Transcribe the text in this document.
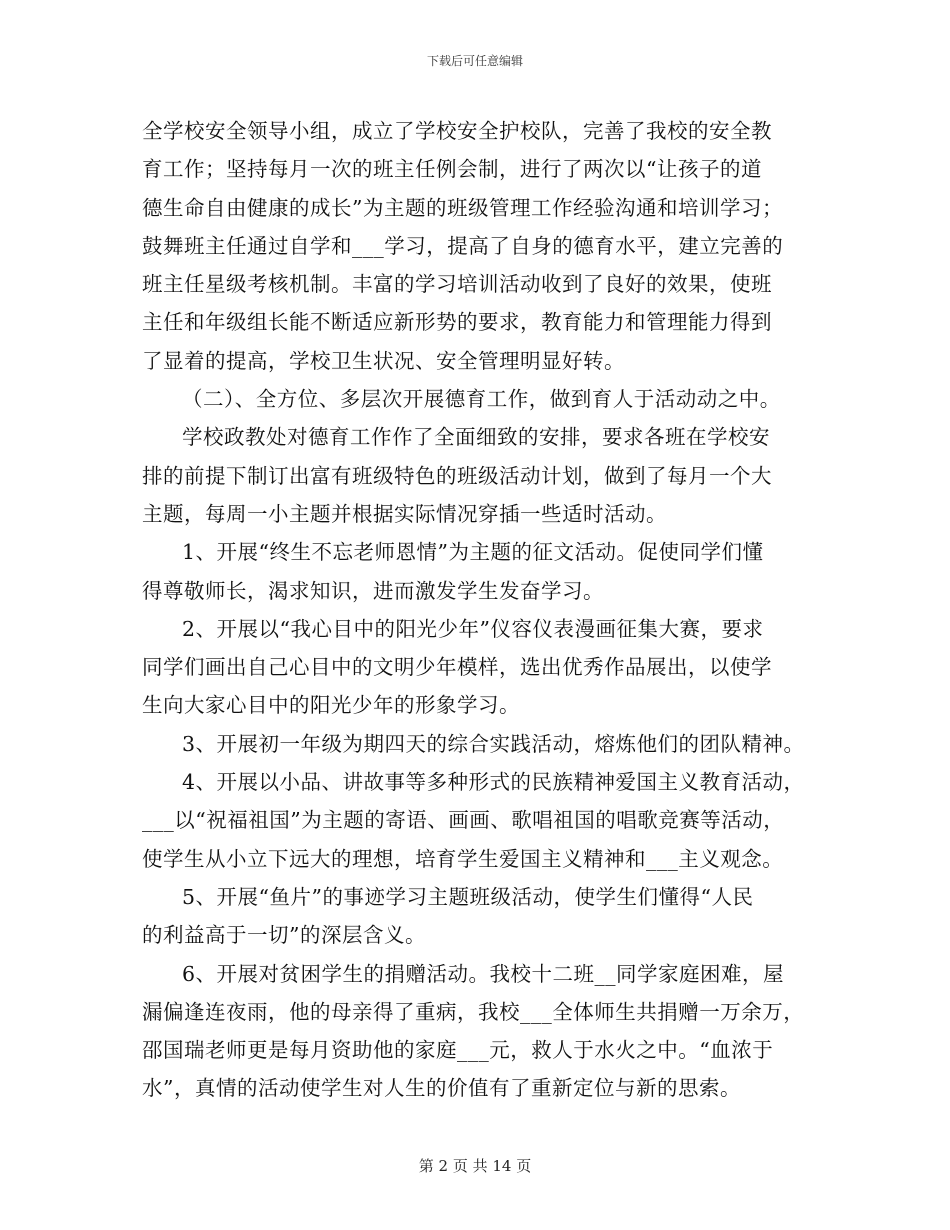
下载后可任意编辑
全学校安全领导小组，成立了学校安全护校队，完善了我校的安全教
育工作；坚持每月一次的班主任例会制，进行了两次以“让孩子的道
德生命自由健康的成长”为主题的班级管理工作经验沟通和培训学习；
鼓舞班主任通过自学和___学习，提高了自身的德育水平，建立完善的
班主任星级考核机制。丰富的学习培训活动收到了良好的效果，使班
主任和年级组长能不断适应新形势的要求，教育能力和管理能力得到
了显着的提高，学校卫生状况、安全管理明显好转。
（二）、全方位、多层次开展德育工作，做到育人于活动动之中。
学校政教处对德育工作作了全面细致的安排，要求各班在学校安
排的前提下制订出富有班级特色的班级活动计划，做到了每月一个大
主题，每周一小主题并根据实际情况穿插一些适时活动。
1、开展“终生不忘老师恩情”为主题的征文活动。促使同学们懂
得尊敬师长，渴求知识，进而激发学生发奋学习。
2、开展以“我心目中的阳光少年”仪容仪表漫画征集大赛，要求
同学们画出自己心目中的文明少年模样，选出优秀作品展出，以使学
生向大家心目中的阳光少年的形象学习。
3、开展初一年级为期四天的综合实践活动，熔炼他们的团队精神。
4、开展以小品、讲故事等多种形式的民族精神爱国主义教育活动，
___以“祝福祖国”为主题的寄语、画画、歌唱祖国的唱歌竞赛等活动，
使学生从小立下远大的理想，培育学生爱国主义精神和___主义观念。
5、开展“鱼片”的事迹学习主题班级活动，使学生们懂得“人民
的利益高于一切”的深层含义。
6、开展对贫困学生的捐赠活动。我校十二班__同学家庭困难，屋
漏偏逢连夜雨，他的母亲得了重病，我校___全体师生共捐赠一万余万，
邵国瑞老师更是每月资助他的家庭___元，救人于水火之中。“血浓于
水”，真情的活动使学生对人生的价值有了重新定位与新的思索。
第 2 页 共 14 页
